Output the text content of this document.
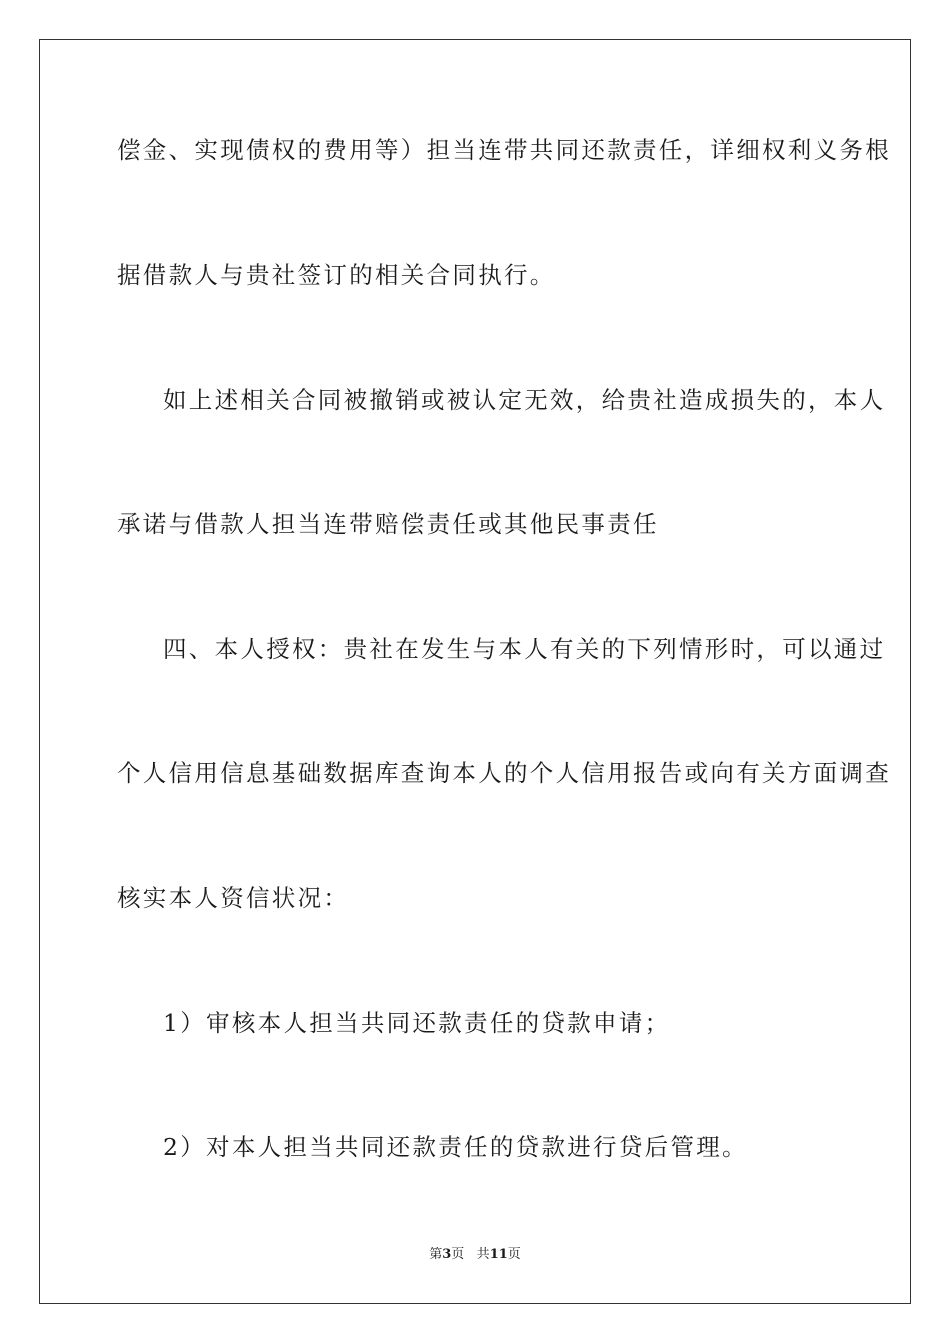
偿金、实现债权的费用等）担当连带共同还款责任，详细权利义务根
据借款人与贵社签订的相关合同执行。
如上述相关合同被撤销或被认定无效，给贵社造成损失的，本人
承诺与借款人担当连带赔偿责任或其他民事责任
四、本人授权：贵社在发生与本人有关的下列情形时，可以通过
个人信用信息基础数据库查询本人的个人信用报告或向有关方面调查
核实本人资信状况：
1）审核本人担当共同还款责任的贷款申请；
2）对本人担当共同还款责任的贷款进行贷后管理。
第3页 共11页
